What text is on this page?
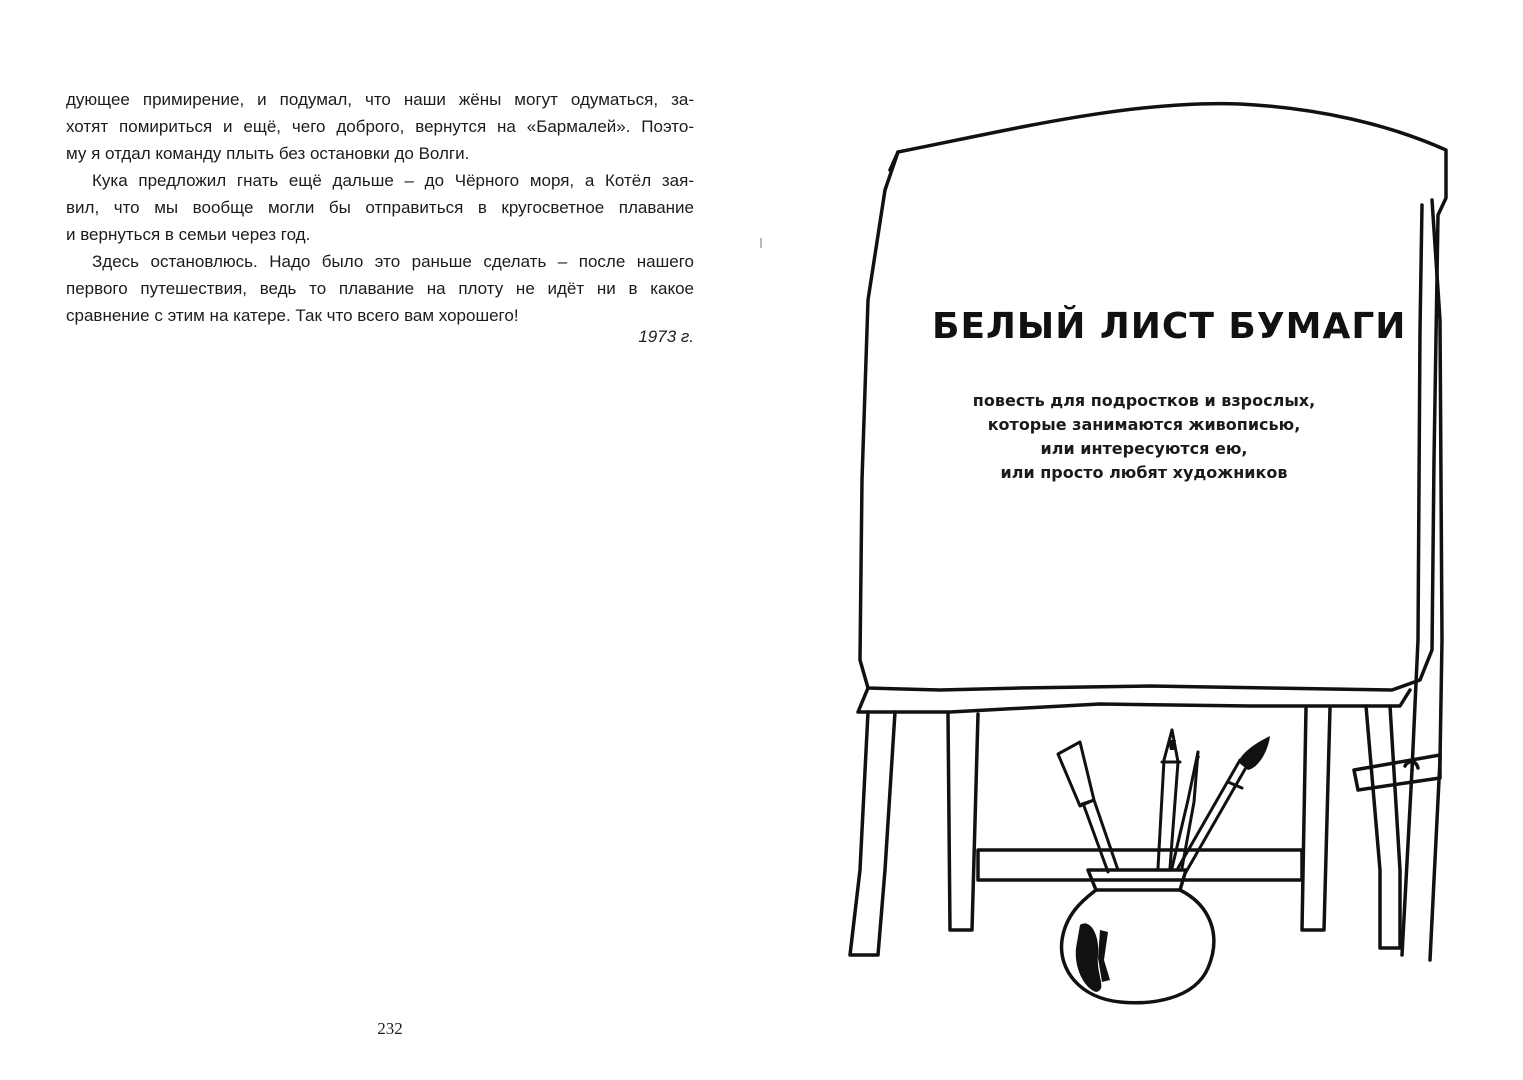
дующее примирение, и подумал, что наши жёны могут одуматься, за-
хотят помириться и ещё, чего доброго, вернутся на «Бармалей». Поэто-
му я отдал команду плыть без остановки до Волги.
Кука предложил гнать ещё дальше – до Чёрного моря, а Котёл зая-
вил, что мы вообще могли бы отправиться в кругосветное плавание
и вернуться в семьи через год.
Здесь остановлюсь. Надо было это раньше сделать – после нашего
первого путешествия, ведь то плавание на плоту не идёт ни в какое
сравнение с этим на катере. Так что всего вам хорошего!
1973 г.
232
БЕЛЫЙ ЛИСТ БУМАГИ
повесть для подростков и взрослых,
которые занимаются живописью,
или интересуются ею,
или просто любят художников
